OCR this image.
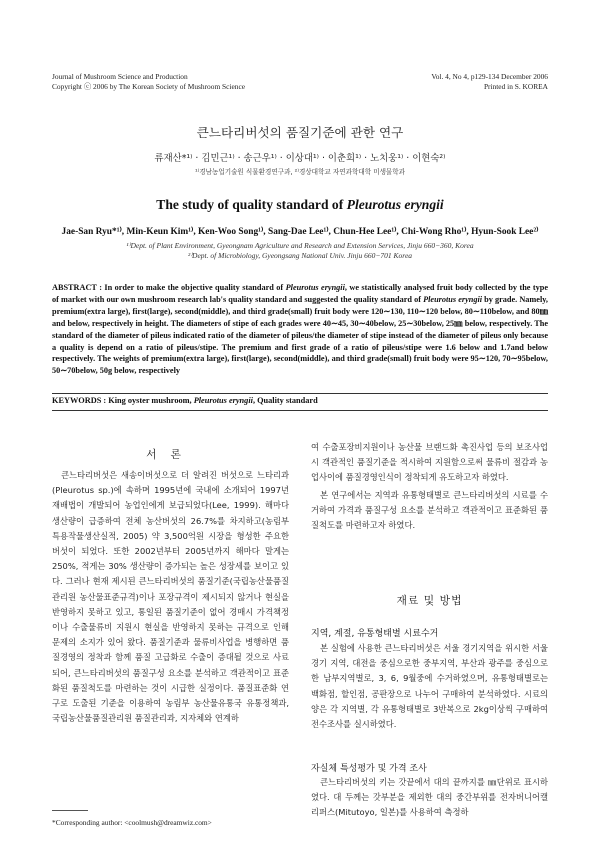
Journal of Mushroom Science and Production
Copyright ⓒ 2006 by The Korean Society of Mushroom Science
Vol. 4, No 4, p129-134 December 2006
Printed in S. KOREA
큰느타리버섯의 품질기준에 관한 연구
류재산*¹⁾ · 김민근¹⁾ · 송근우¹⁾ · 이상대¹⁾ · 이춘희¹⁾ · 노치웅¹⁾ · 이현숙²⁾
¹⁾경남농업기술원 식물환경연구과, ²⁾경상대학교 자연과학대학 미생물학과
The study of quality standard of Pleurotus eryngii
Jae-San Ryu*¹⁾, Min-Keun Kim¹⁾, Ken-Woo Song¹⁾, Sang-Dae Lee¹⁾, Chun-Hee Lee¹⁾, Chi-Wong Rho¹⁾, Hyun-Sook Lee²⁾
¹⁾Dept. of Plant Environment, Gyeongnam Agriculture and Research and Extension Services, Jinju 660−360, Korea
²⁾Dept. of Microbiology, Gyeongsang National Univ. Jinju 660−701 Korea
ABSTRACT : In order to make the objective quality standard of Pleurotus eryngii, we statistically analysed fruit body collected by the type of market with our own mushroom research lab's quality standard and suggested the quality standard of Pleurotus eryngii by grade. Namely, premium(extra large), first(large), second(middle), and third grade(small) fruit body were 120∼130, 110∼120 below, 80∼110below, and 80㎜ and below, respectively in height. The diameters of stipe of each grades were 40∼45, 30∼40below, 25∼30below, 25㎜ below, respectively. The standard of the diameter of pileus indicated ratio of the diameter of pileus/the diameter of stipe instead of the diameter of pileus only because a quality is depend on a ratio of pileus/stipe. The premium and first grade of a ratio of pileus/stipe were 1.6 below and 1.7and below respectively. The weights of premium(extra large), first(large), second(middle), and third grade(small) fruit body were 95∼120, 70∼95below, 50∼70below, 50g below, respectively
KEYWORDS : King oyster mushroom, Pleurotus eryngii, Quality standard
서론

큰느타리버섯은 새송이버섯으로 더 알려진 버섯으로 느타리과(Pleurotus sp.)에 속하며 1995년에 국내에 소개되어 1997년 재배법이 개발되어 농업인에게 보급되었다(Lee, 1999). 해마다 생산량이 급증하여 전체 농산버섯의 26.7%를 차지하고(농림부 특용작물생산실적, 2005) 약 3,500억원 시장을 형성한 주요한 버섯이 되었다. 또한 2002년부터 2005년까지 해마다 말게는 250%, 적게는 30% 생산량이 증가되는 높은 성장세를 보이고 있다. 그러나 현재 제시된 큰느타리버섯의 품질기준(국립농산물품질관리원 농산물표준규격)이나 포장규격이 제시되지 않거나 현실을 반영하지 못하고 있고, 통일된 품질기준이 없어 경매시 가격책정이나 수출물류비 지원시 현실을 반영하지 못하는 규격으로 인해 문제의 소지가 있어 왔다. 품질기준과 물류비사업을 병행하면 품질경영의 정착과 함께 품질 고급화로 수출이 증대될 것으로 사료되어, 큰느타리버섯의 품질구성 요소를 분석하고 객관적이고 표준화된 품질척도를 마련하는 것이 시급한 실정이다. 품질표준화 연구로 도출된 기준을 이용하여 농림부 농산물유통국 유통정책과, 국립농산물품질관리원 품질관리과, 지자체와 연계하

여 수출포장비지원이나 농산물 브랜드화 촉진사업 등의 보조사업시 객관적인 품질기준을 적시하여 지원함으로써 물류비 절감과 농업사이에 품질경영인식이 정착되게 유도하고자 하였다.

본 연구에서는 지역과 유통형태별로 큰느타리버섯의 시료를 수거하여 가격과 품질구성 요소를 분석하고 객관적이고 표준화된 품질척도를 마련하고자 하였다.

재료 및 방법
지역, 계절, 유통형태별 시료수거

본 실험에 사용한 큰느타리버섯은 서울 경기지역을 위시한 서울 경기 지역, 대전을 중심으로한 중부지역, 부산과 광주를 중심으로 한 남부지역별로, 3, 6, 9월중에 수거하였으며, 유통형태별로는 백화점, 할인점, 공판장으로 나누어 구매하여 분석하였다. 시료의 양은 각 지역별, 각 유통형태별로 3반복으로 2kg이상씩 구매하여 전수조사를 실시하였다.

자실체 특성평가 및 가격 조사

큰느타리버섯의 키는 갓끝에서 대의 끝까지를 ㎜단위로 표시하였다. 대 두께는 갓부분을 제외한 대의 중간부위를 전자버니어캘리퍼스(Mitutoyo, 일본)를 사용하여 측정하

*Corresponding author: <coolmush@dreamwiz.com>
